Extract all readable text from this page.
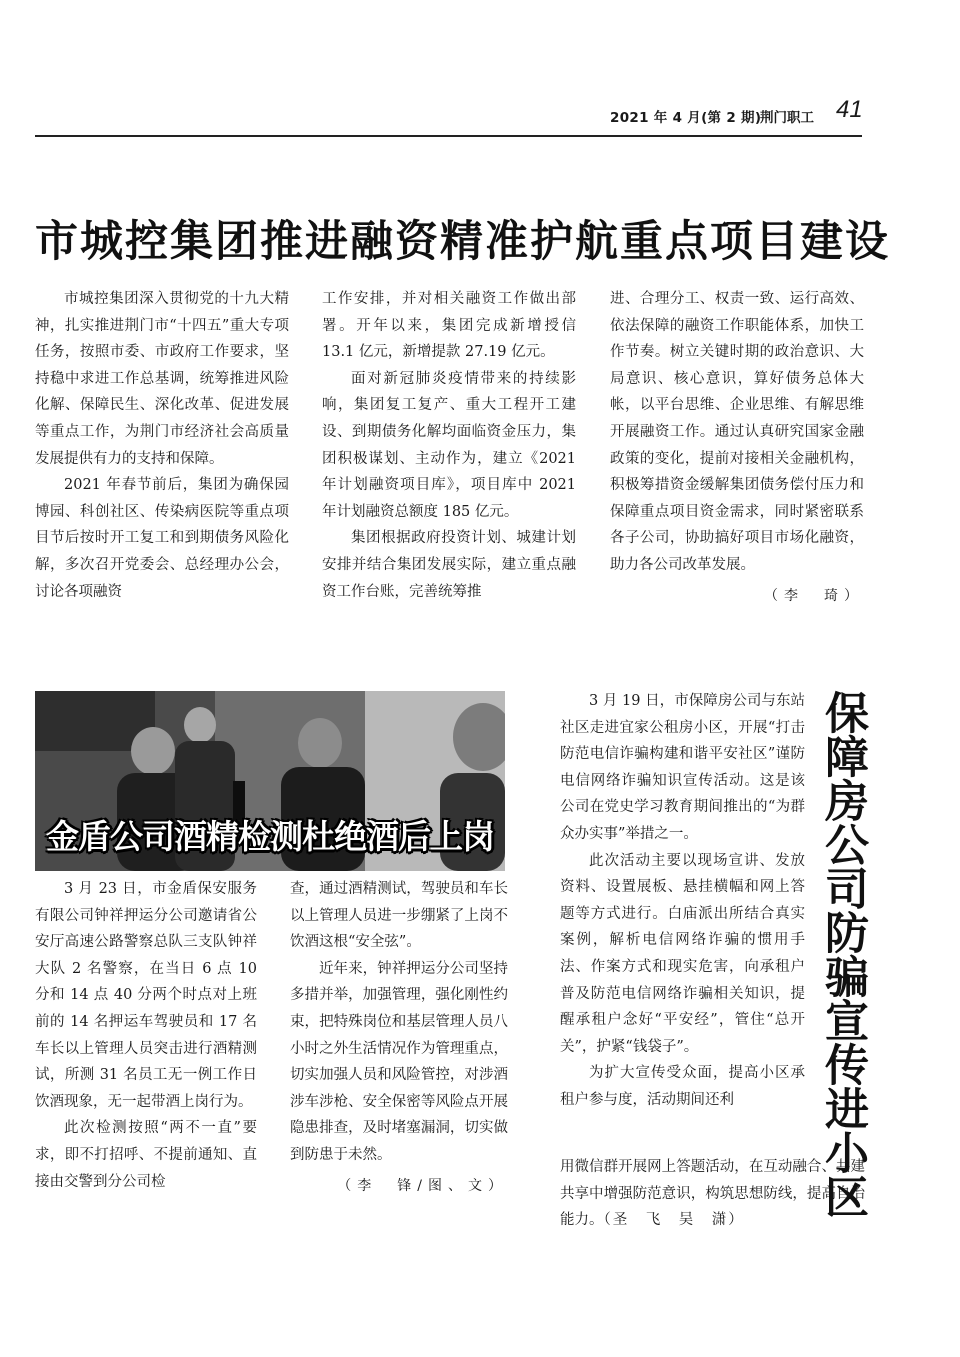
2021 年 4 月(第 2 期)
荆门职工 41
市城控集团推进融资精准护航重点项目建设

市城控集团深入贯彻党的十九大精神，扎实推进荆门市“十四五”重大专项任务，按照市委、市政府工作要求，坚持稳中求进工作总基调，统筹推进风险化解、保障民生、深化改革、促进发展等重点工作，为荆门市经济社会高质量发展提供有力的支持和保障。

2021 年春节前后，集团为确保园博园、科创社区、传染病医院等重点项目节后按时开工复工和到期债务风险化解，多次召开党委会、总经理办公会，讨论各项融资

工作安排，并对相关融资工作做出部署。开年以来，集团完成新增授信 13.1 亿元，新增提款 27.19 亿元。

面对新冠肺炎疫情带来的持续影响，集团复工复产、重大工程开工建设、到期债务化解均面临资金压力，集团积极谋划、主动作为，建立《2021 年计划融资项目库》，项目库中 2021 年计划融资总额度 185 亿元。

集团根据政府投资计划、城建计划安排并结合集团发展实际，建立重点融资工作台账，完善统筹推

进、合理分工、权责一致、运行高效、依法保障的融资工作职能体系，加快工作节奏。树立关键时期的政治意识、大局意识、核心意识，算好债务总体大帐，以平台思维、企业思维、有解思维开展融资工作。通过认真研究国家金融政策的变化，提前对接相关金融机构，积极筹措资金缓解集团债务偿付压力和保障重点项目资金需求，同时紧密联系各子公司，协助搞好项目市场化融资，助力各公司改革发展。

（李　琦）
金盾公司酒精检测杜绝酒后上岗

3 月 23 日，市金盾保安服务有限公司钟祥押运分公司邀请省公安厅高速公路警察总队三支队钟祥大队 2 名警察，在当日 6 点 10 分和 14 点 40 分两个时点对上班前的 14 名押运车驾驶员和 17 名车长以上管理人员突击进行酒精测试，所测 31 名员工无一例工作日饮酒现象，无一起带酒上岗行为。

此次检测按照“两不一直”要求，即不打招呼、不提前通知、直接由交警到分公司检

查，通过酒精测试，驾驶员和车长以上管理人员进一步绷紧了上岗不饮酒这根“安全弦”。

近年来，钟祥押运分公司坚持多措并举，加强管理，强化刚性约束，把特殊岗位和基层管理人员八小时之外生活情况作为管理重点，切实加强人员和风险管控，对涉酒涉车涉枪、安全保密等风险点开展隐患排查，及时堵塞漏洞，切实做到防患于未然。

（李　锋/图、文）

3 月 19 日，市保障房公司与东站社区走进宜家公租房小区，开展“打击防范电信诈骗构建和谐平安社区”谨防电信网络诈骗知识宣传活动。这是该公司在党史学习教育期间推出的“为群众办实事”举措之一。

此次活动主要以现场宣讲、发放资料、设置展板、悬挂横幅和网上答题等方式进行。白庙派出所结合真实案例，解析电信网络诈骗的惯用手法、作案方式和现实危害，向承租户普及防范电信网络诈骗相关知识，提醒承租户念好“平安经”，管住“总开关”，护紧“钱袋子”。

为扩大宣传受众面，提高小区承租户参与度，活动期间还利

用微信群开展网上答题活动，在互动融合、共建共享中增强防范意识，构筑思想防线，提高自治能力。（圣　飞　吴　潇）

保障房公司防骗宣传进小区
